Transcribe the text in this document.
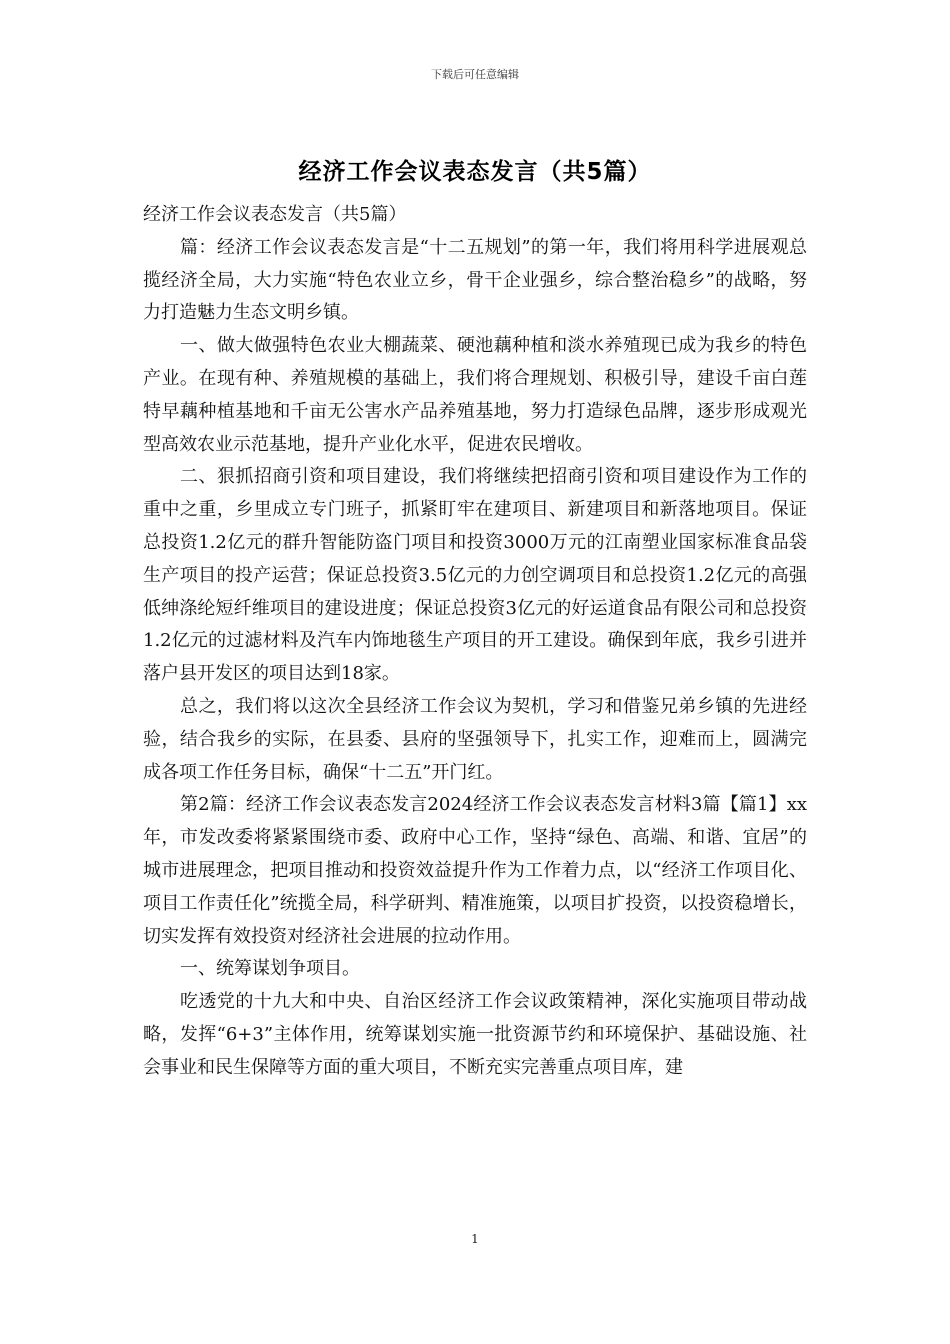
下载后可任意编辑
经济工作会议表态发言（共5篇）

经济工作会议表态发言（共5篇）

篇：经济工作会议表态发言是“十二五规划”的第一年，我们将用科学进展观总揽经济全局，大力实施“特色农业立乡，骨干企业强乡，综合整治稳乡”的战略，努力打造魅力生态文明乡镇。

一、做大做强特色农业大棚蔬菜、硬池藕种植和淡水养殖现已成为我乡的特色产业。在现有种、养殖规模的基础上，我们将合理规划、积极引导，建设千亩白莲特早藕种植基地和千亩无公害水产品养殖基地，努力打造绿色品牌，逐步形成观光型高效农业示范基地，提升产业化水平，促进农民增收。

二、狠抓招商引资和项目建设，我们将继续把招商引资和项目建设作为工作的重中之重，乡里成立专门班子，抓紧盯牢在建项目、新建项目和新落地项目。保证总投资1.2亿元的群升智能防盗门项目和投资3000万元的江南塑业国家标准食品袋生产项目的投产运营；保证总投资3.5亿元的力创空调项目和总投资1.2亿元的高强低绅涤纶短纤维项目的建设进度；保证总投资3亿元的好运道食品有限公司和总投资1.2亿元的过滤材料及汽车内饰地毯生产项目的开工建设。确保到年底，我乡引进并落户县开发区的项目达到18家。

总之，我们将以这次全县经济工作会议为契机，学习和借鉴兄弟乡镇的先进经验，结合我乡的实际，在县委、县府的坚强领导下，扎实工作，迎难而上，圆满完成各项工作任务目标，确保“十二五”开门红。

第2篇：经济工作会议表态发言2024经济工作会议表态发言材料3篇【篇1】xx年，市发改委将紧紧围绕市委、政府中心工作，坚持“绿色、高端、和谐、宜居”的城市进展理念，把项目推动和投资效益提升作为工作着力点，以“经济工作项目化、项目工作责任化”统揽全局，科学研判、精准施策，以项目扩投资，以投资稳增长，切实发挥有效投资对经济社会进展的拉动作用。

一、统筹谋划争项目。

吃透党的十九大和中央、自治区经济工作会议政策精神，深化实施项目带动战略，发挥“6+3”主体作用，统筹谋划实施一批资源节约和环境保护、基础设施、社会事业和民生保障等方面的重大项目，不断充实完善重点项目库，建

1
